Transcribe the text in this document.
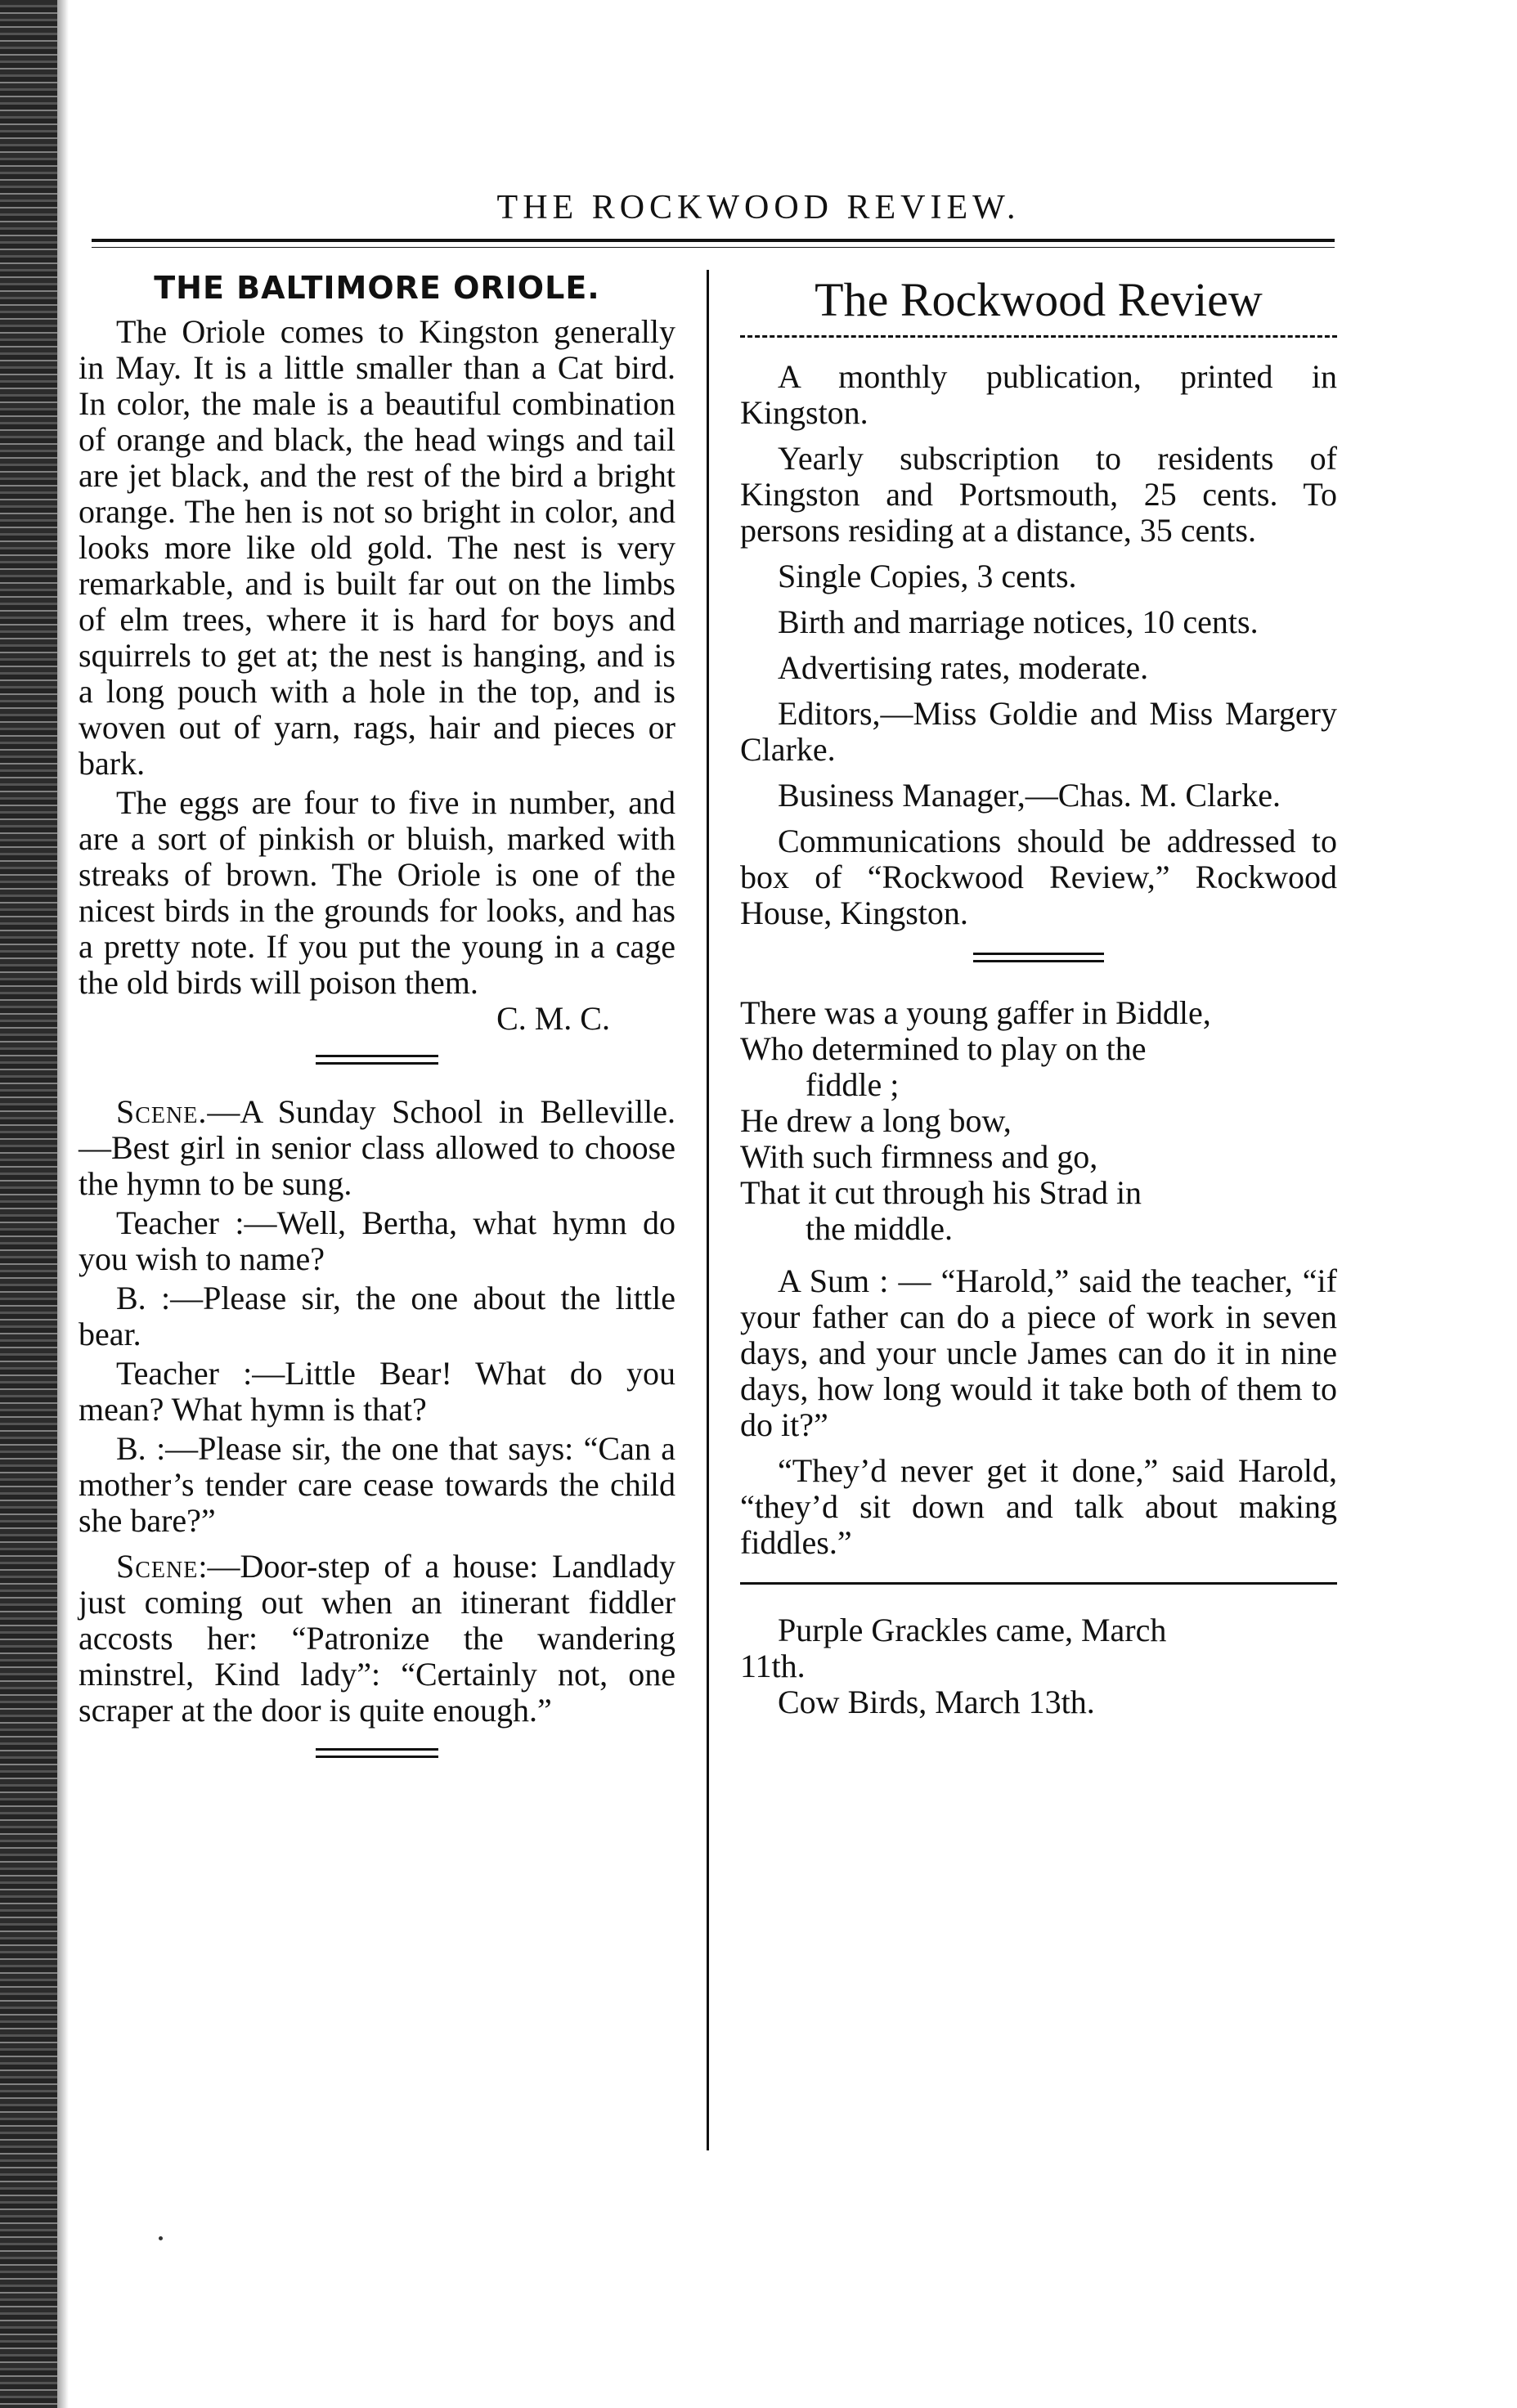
THE ROCKWOOD REVIEW.
THE BALTIMORE ORIOLE.

The Oriole comes to Kingston generally in May. It is a little smaller than a Cat bird. In color, the male is a beautiful combination of orange and black, the head wings and tail are jet black, and the rest of the bird a bright orange. The hen is not so bright in color, and looks more like old gold. The nest is very remarkable, and is built far out on the limbs of elm trees, where it is hard for boys and squirrels to get at; the nest is hanging, and is a long pouch with a hole in the top, and is woven out of yarn, rags, hair and pieces or bark.

The eggs are four to five in number, and are a sort of pinkish or bluish, marked with streaks of brown. The Oriole is one of the nicest birds in the grounds for looks, and has a pretty note. If you put the young in a cage the old birds will poison them.

C. M. C.

Scene.—A Sunday School in Belleville.—Best girl in senior class allowed to choose the hymn to be sung.

Teacher :—Well, Bertha, what hymn do you wish to name?

B. :—Please sir, the one about the little bear.

Teacher :—Little Bear! What do you mean? What hymn is that?

B. :—Please sir, the one that says: “Can a mother’s tender care cease towards the child she bare?”

Scene:—Door-step of a house: Landlady just coming out when an itinerant fiddler accosts her: “Patronize the wandering minstrel, Kind lady”: “Certainly not, one scraper at the door is quite enough.”

The Rockwood Review

A monthly publication, printed in Kingston.

Yearly subscription to residents of Kingston and Portsmouth, 25 cents. To persons residing at a distance, 35 cents.

Single Copies, 3 cents.

Birth and marriage notices, 10 cents.

Advertising rates, moderate.

Editors,—Miss Goldie and Miss Margery Clarke.

Business Manager,—Chas. M. Clarke.

Communications should be addressed to box of “Rockwood Review,” Rockwood House, Kingston.

There was a young gaffer in Biddle,
Who determined to play on the
fiddle ;
He drew a long bow,
With such firmness and go,
That it cut through his Strad in
the middle.

A Sum : — “Harold,” said the teacher, “if your father can do a piece of work in seven days, and your uncle James can do it in nine days, how long would it take both of them to do it?”

“They’d never get it done,” said Harold, “they’d sit down and talk about making fiddles.”

Purple Grackles came, March
11th.
Cow Birds, March 13th.
